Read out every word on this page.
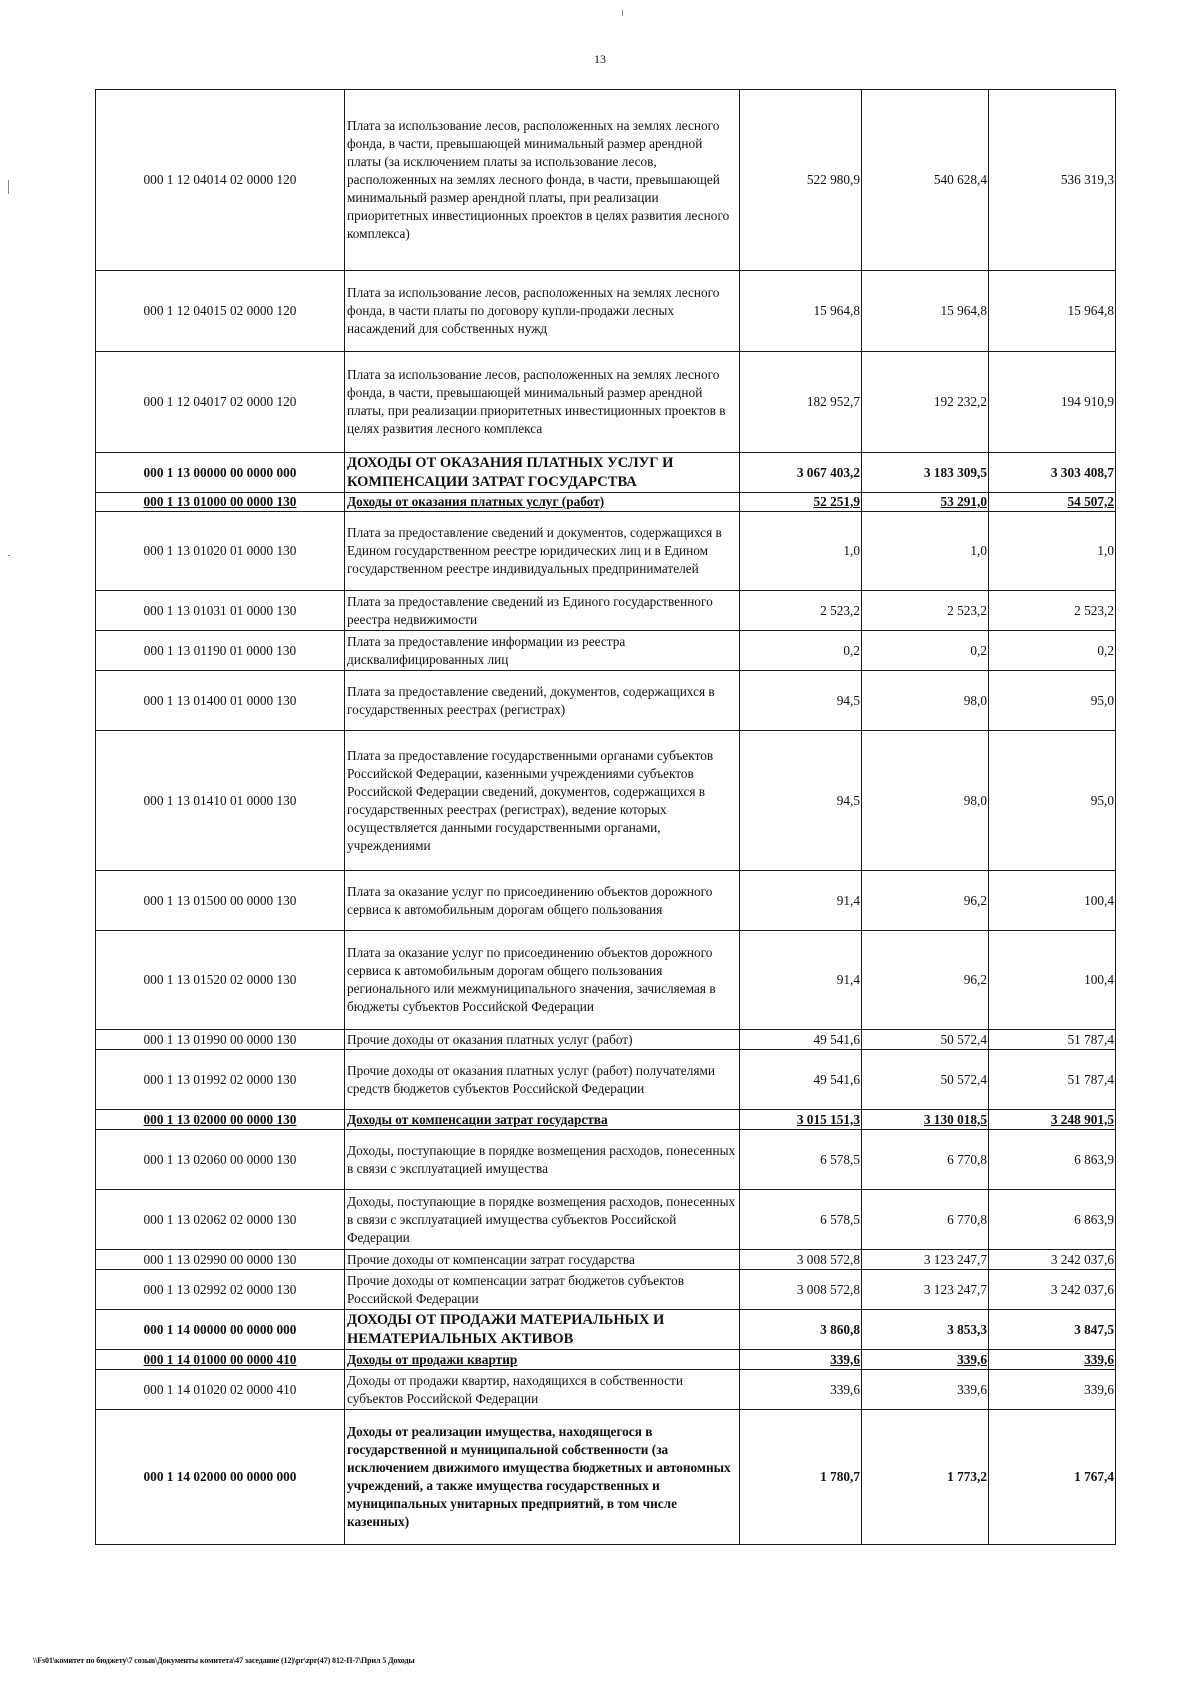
13
000 1 12 04014 02 0000 120	Плата за использование лесов, расположенных на землях лесного фонда, в части, превышающей минимальный размер арендной платы (за исключением платы за использование лесов, расположенных на землях лесного фонда, в части, превышающей минимальный размер арендной платы, при реализации приоритетных инвестиционных проектов в целях развития лесного комплекса)	522 980,9	540 628,4	536 319,3
000 1 12 04015 02 0000 120	Плата за использование лесов, расположенных на землях лесного фонда, в части платы по договору купли-продажи лесных насаждений для собственных нужд	15 964,8	15 964,8	15 964,8
000 1 12 04017 02 0000 120	Плата за использование лесов, расположенных на землях лесного фонда, в части, превышающей минимальный размер арендной платы, при реализации приоритетных инвестиционных проектов в целях развития лесного комплекса	182 952,7	192 232,2	194 910,9
000 1 13 00000 00 0000 000	ДОХОДЫ ОТ ОКАЗАНИЯ ПЛАТНЫХ УСЛУГ И КОМПЕНСАЦИИ ЗАТРАТ ГОСУДАРСТВА	3 067 403,2	3 183 309,5	3 303 408,7
000 1 13 01000 00 0000 130	Доходы от оказания платных услуг (работ)	52 251,9	53 291,0	54 507,2
000 1 13 01020 01 0000 130	Плата за предоставление сведений и документов, содержащихся в Едином государственном реестре юридических лиц и в Едином государственном реестре индивидуальных предпринимателей	1,0	1,0	1,0
000 1 13 01031 01 0000 130	Плата за предоставление сведений из Единого государственного реестра недвижимости	2 523,2	2 523,2	2 523,2
000 1 13 01190 01 0000 130	Плата за предоставление информации из реестра дисквалифицированных лиц	0,2	0,2	0,2
000 1 13 01400 01 0000 130	Плата за предоставление сведений, документов, содержащихся в государственных реестрах (регистрах)	94,5	98,0	95,0
000 1 13 01410 01 0000 130	Плата за предоставление государственными органами субъектов Российской Федерации, казенными учреждениями субъектов Российской Федерации сведений, документов, содержащихся в государственных реестрах (регистрах), ведение которых осуществляется данными государственными органами, учреждениями	94,5	98,0	95,0
000 1 13 01500 00 0000 130	Плата за оказание услуг по присоединению объектов дорожного сервиса к автомобильным дорогам общего пользования	91,4	96,2	100,4
000 1 13 01520 02 0000 130	Плата за оказание услуг по присоединению объектов дорожного сервиса к автомобильным дорогам общего пользования регионального или межмуниципального значения, зачисляемая в бюджеты субъектов Российской Федерации	91,4	96,2	100,4
000 1 13 01990 00 0000 130	Прочие доходы от оказания платных услуг (работ)	49 541,6	50 572,4	51 787,4
000 1 13 01992 02 0000 130	Прочие доходы от оказания платных услуг (работ) получателями средств бюджетов субъектов Российской Федерации	49 541,6	50 572,4	51 787,4
000 1 13 02000 00 0000 130	Доходы от компенсации затрат государства	3 015 151,3	3 130 018,5	3 248 901,5
000 1 13 02060 00 0000 130	Доходы, поступающие в порядке возмещения расходов, понесенных в связи с эксплуатацией имущества	6 578,5	6 770,8	6 863,9
000 1 13 02062 02 0000 130	Доходы, поступающие в порядке возмещения расходов, понесенных в связи с эксплуатацией имущества субъектов Российской Федерации	6 578,5	6 770,8	6 863,9
000 1 13 02990 00 0000 130	Прочие доходы от компенсации затрат государства	3 008 572,8	3 123 247,7	3 242 037,6
000 1 13 02992 02 0000 130	Прочие доходы от компенсации затрат бюджетов субъектов Российской Федерации	3 008 572,8	3 123 247,7	3 242 037,6
000 1 14 00000 00 0000 000	ДОХОДЫ ОТ ПРОДАЖИ МАТЕРИАЛЬНЫХ И НЕМАТЕРИАЛЬНЫХ АКТИВОВ	3 860,8	3 853,3	3 847,5
000 1 14 01000 00 0000 410	Доходы от продажи квартир	339,6	339,6	339,6
000 1 14 01020 02 0000 410	Доходы от продажи квартир, находящихся в собственности субъектов Российской Федерации	339,6	339,6	339,6
000 1 14 02000 00 0000 000	Доходы от реализации имущества, находящегося в государственной и муниципальной собственности (за исключением движимого имущества бюджетных и автономных учреждений, а также имущества государственных и муниципальных унитарных предприятий, в том числе казенных)	1 780,7	1 773,2	1 767,4
\\Fs01\комитет по бюджету\7 созыв\Документы комитета\47 заседание (12)\pr\zpr(47) 812-П-7\Прил 5 Доходы
